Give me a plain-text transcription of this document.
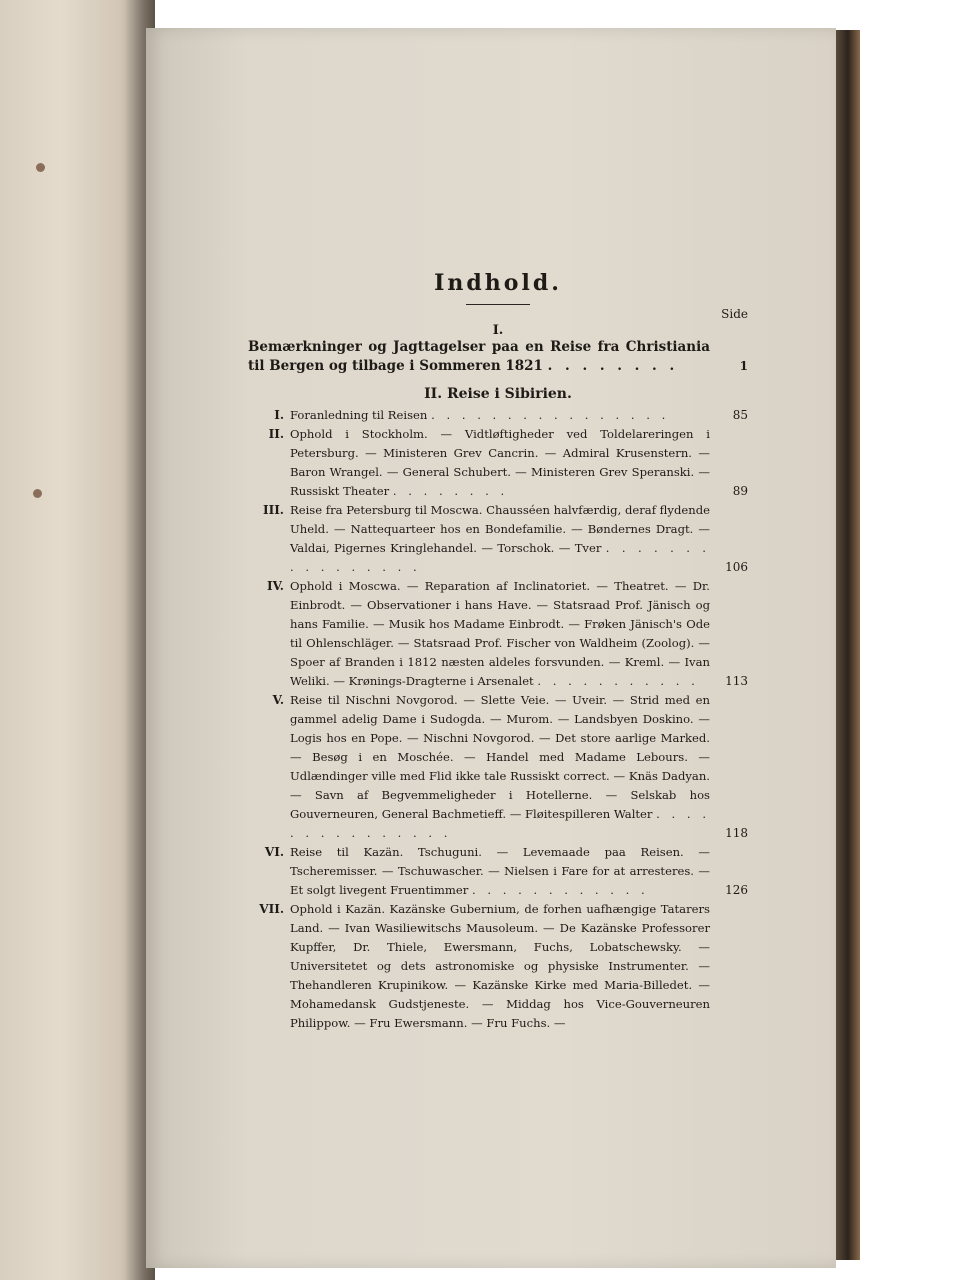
Indhold.
Side
I.
Bemærkninger og Jagttagelser paa en Reise fra Christiania til Bergen og tilbage i Sommeren 1821 . . . . . . . .	1
II. Reise i Sibirien.
I. Foranledning til Reisen . . . . . . . . . . . . . . . .	85
II. Ophold i Stockholm. — Vidtløftigheder ved Toldelareringen i Petersburg. — Ministeren Grev Cancrin. — Admiral Krusenstern. — Baron Wrangel. — General Schubert. — Ministeren Grev Speranski. — Russiskt Theater . . . . . . . .	89
III. Reise fra Petersburg til Moscwa. Chausséen halvfærdig, deraf flydende Uheld. — Nattequarteer hos en Bondefamilie. — Bøndernes Dragt. — Valdai, Pigernes Kringlehandel. — Torschok. — Tver . . . . . . . . . . . . . . . .	106
IV. Ophold i Moscwa. — Reparation af Inclinatoriet. — Theatret. — Dr. Einbrodt. — Observationer i hans Have. — Statsraad Prof. Jänisch og hans Familie. — Musik hos Madame Einbrodt. — Frøken Jänisch's Ode til Ohlenschläger. — Statsraad Prof. Fischer von Waldheim (Zoolog). — Spoer af Branden i 1812 næsten aldeles forsvunden. — Kreml. — Ivan Weliki. — Krønings-Dragterne i Arsenalet . . . . . . . . . . .	113
V. Reise til Nischni Novgorod. — Slette Veie. — Uveir. — Strid med en gammel adelig Dame i Sudogda. — Murom. — Landsbyen Doskino. — Logis hos en Pope. — Nischni Novgorod. — Det store aarlige Marked. — Besøg i en Moschée. — Handel med Madame Lebours. — Udlændinger ville med Flid ikke tale Russiskt correct. — Knäs Dadyan. — Savn af Begvemmeligheder i Hotellerne. — Selskab hos Gouverneuren, General Bachmetieff. — Fløitespilleren Walter . . . . . . . . . . . . . . .	118
VI. Reise til Kazän. Tschuguni. — Levemaade paa Reisen. — Tscheremisser. — Tschuwascher. — Nielsen i Fare for at arresteres. — Et solgt livegent Fruentimmer . . . . . . . . . . . .	126
VII. Ophold i Kazän. Kazänske Gubernium, de forhen uafhængige Tatarers Land. — Ivan Wasiliewitschs Mausoleum. — De Kazänske Professorer Kupffer, Dr. Thiele, Ewersmann, Fuchs, Lobatschewsky. — Universitetet og dets astronomiske og physiske Instrumenter. — Thehandleren Krupinikow. — Kazänske Kirke med Maria-Billedet. — Mohamedansk Gudstjeneste. — Middag hos Vice-Gouverneuren Philippow. — Fru Ewersmann. — Fru Fuchs. —
